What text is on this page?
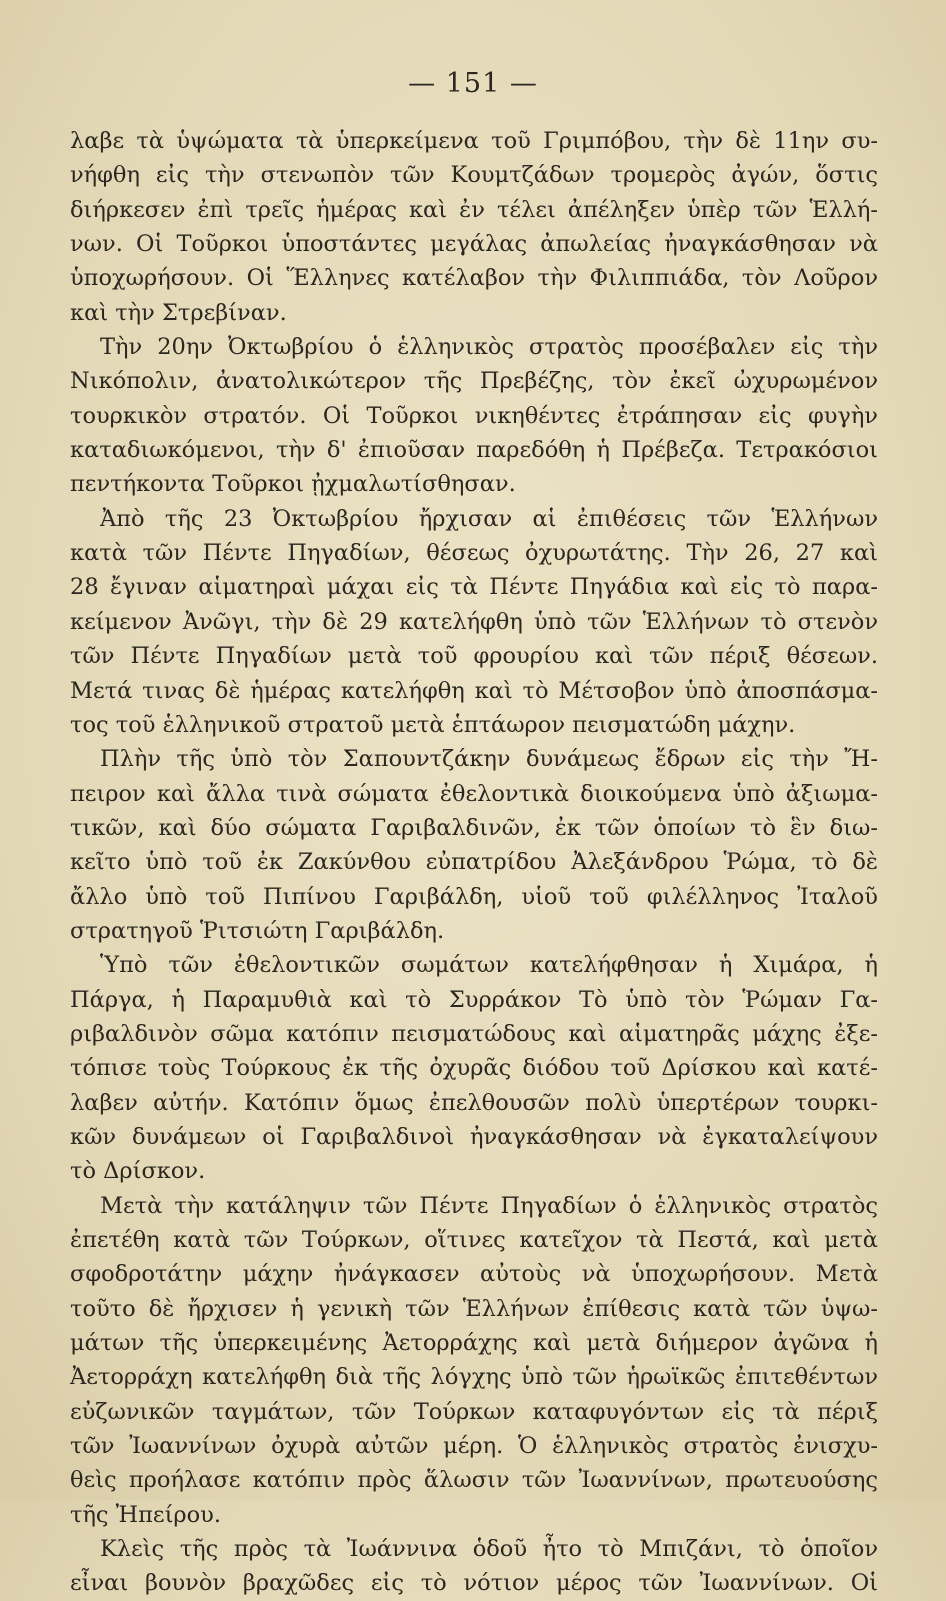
— 151 —
λαβε τὰ ὑψώματα τὰ ὑπερκείμενα τοῦ Γριμπόβου, τὴν δὲ 11ην συ-
νήφθη εἰς τὴν στενωπὸν τῶν Κουμτζάδων τρομερὸς ἀγών, ὅστις
διήρκεσεν ἐπὶ τρεῖς ἡμέρας καὶ ἐν τέλει ἀπέληξεν ὑπὲρ τῶν Ἑλλή-
νων. Οἱ Τοῦρκοι ὑποστάντες μεγάλας ἀπωλείας ἠναγκάσθησαν νὰ
ὑποχωρήσουν. Οἱ Ἕλληνες κατέλαβον τὴν Φιλιππιάδα, τὸν Λοῦρον
καὶ τὴν Στρεβίναν.
Τὴν 20ην Ὀκτωβρίου ὁ ἑλληνικὸς στρατὸς προσέβαλεν εἰς τὴν
Νικόπολιν, ἀνατολικώτερον τῆς Πρεβέζης, τὸν ἐκεῖ ὠχυρωμένον
τουρκικὸν στρατόν. Οἱ Τοῦρκοι νικηθέντες ἐτράπησαν εἰς φυγὴν
καταδιωκόμενοι, τὴν δ' ἐπιοῦσαν παρεδόθη ἡ Πρέβεζα. Τετρακόσιοι
πεντήκοντα Τοῦρκοι ᾐχμαλωτίσθησαν.
Ἀπὸ τῆς 23 Ὀκτωβρίου ἤρχισαν αἱ ἐπιθέσεις τῶν Ἑλλήνων
κατὰ τῶν Πέντε Πηγαδίων, θέσεως ὀχυρωτάτης. Τὴν 26, 27 καὶ
28 ἔγιναν αἱματηραὶ μάχαι εἰς τὰ Πέντε Πηγάδια καὶ εἰς τὸ παρα-
κείμενον Ἀνῶγι, τὴν δὲ 29 κατελήφθη ὑπὸ τῶν Ἑλλήνων τὸ στενὸν
τῶν Πέντε Πηγαδίων μετὰ τοῦ φρουρίου καὶ τῶν πέριξ θέσεων.
Μετά τινας δὲ ἡμέρας κατελήφθη καὶ τὸ Μέτσοβον ὑπὸ ἀποσπάσμα-
τος τοῦ ἑλληνικοῦ στρατοῦ μετὰ ἑπτάωρον πεισματώδη μάχην.
Πλὴν τῆς ὑπὸ τὸν Σαπουντζάκην δυνάμεως ἔδρων εἰς τὴν Ἤ-
πειρον καὶ ἄλλα τινὰ σώματα ἐθελοντικὰ διοικούμενα ὑπὸ ἀξιωμα-
τικῶν, καὶ δύο σώματα Γαριβαλδινῶν, ἐκ τῶν ὁποίων τὸ ἓν διω-
κεῖτο ὑπὸ τοῦ ἐκ Ζακύνθου εὐπατρίδου Ἀλεξάνδρου Ῥώμα, τὸ δὲ
ἄλλο ὑπὸ τοῦ Πιπίνου Γαριβάλδη, υἱοῦ τοῦ φιλέλληνος Ἰταλοῦ
στρατηγοῦ Ῥιτσιώτη Γαριβάλδη.
Ὑπὸ τῶν ἐθελοντικῶν σωμάτων κατελήφθησαν ἡ Χιμάρα, ἡ
Πάργα, ἡ Παραμυθιὰ καὶ τὸ Συρράκον Τὸ ὑπὸ τὸν Ῥώμαν Γα-
ριβαλδινὸν σῶμα κατόπιν πεισματώδους καὶ αἱματηρᾶς μάχης ἐξε-
τόπισε τοὺς Τούρκους ἐκ τῆς ὀχυρᾶς διόδου τοῦ Δρίσκου καὶ κατέ-
λαβεν αὐτήν. Κατόπιν ὅμως ἐπελθουσῶν πολὺ ὑπερτέρων τουρκι-
κῶν δυνάμεων οἱ Γαριβαλδινοὶ ἠναγκάσθησαν νὰ ἐγκαταλείψουν
τὸ Δρίσκον.
Μετὰ τὴν κατάληψιν τῶν Πέντε Πηγαδίων ὁ ἑλληνικὸς στρατὸς
ἐπετέθη κατὰ τῶν Τούρκων, οἵτινες κατεῖχον τὰ Πεστά, καὶ μετὰ
σφοδροτάτην μάχην ἠνάγκασεν αὐτοὺς νὰ ὑποχωρήσουν. Μετὰ
τοῦτο δὲ ἤρχισεν ἡ γενικὴ τῶν Ἑλλήνων ἐπίθεσις κατὰ τῶν ὑψω-
μάτων τῆς ὑπερκειμένης Ἀετορράχης καὶ μετὰ διήμερον ἀγῶνα ἡ
Ἀετορράχη κατελήφθη διὰ τῆς λόγχης ὑπὸ τῶν ἡρωϊκῶς ἐπιτεθέντων
εὐζωνικῶν ταγμάτων, τῶν Τούρκων καταφυγόντων εἰς τὰ πέριξ
τῶν Ἰωαννίνων ὀχυρὰ αὐτῶν μέρη. Ὁ ἑλληνικὸς στρατὸς ἐνισχυ-
θεὶς προήλασε κατόπιν πρὸς ἅλωσιν τῶν Ἰωαννίνων, πρωτευούσης
τῆς Ἠπείρου.
Κλεὶς τῆς πρὸς τὰ Ἰωάννινα ὁδοῦ ἦτο τὸ Μπιζάνι, τὸ ὁποῖον
εἶναι βουνὸν βραχῶδες εἰς τὸ νότιον μέρος τῶν Ἰωαννίνων. Οἱ
